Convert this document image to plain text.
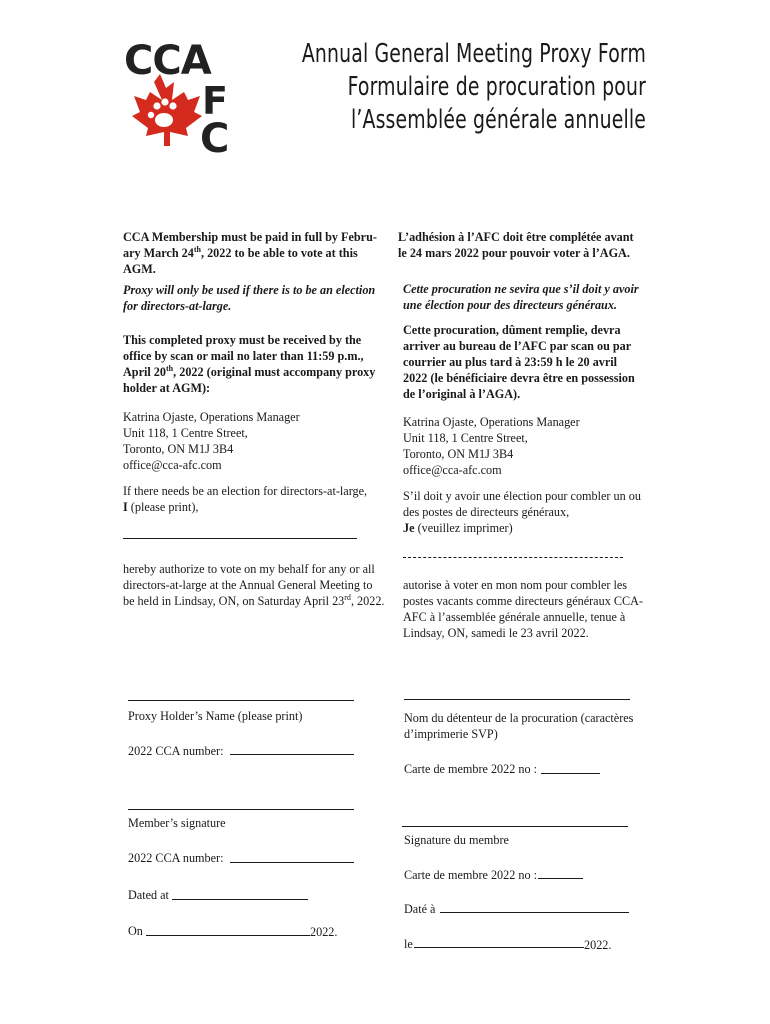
CCA
F
C
Annual General Meeting Proxy Form
Formulaire de procuration pour
l’Assemblée générale annuelle
CCA Membership must be paid in full by Febru-ary March 24th, 2022 to be able to vote at this AGM.
Proxy will only be used if there is to be an election for directors-at-large.
This completed proxy must be received by the office by scan or mail no later than 11:59 p.m., April 20th, 2022 (original must accompany proxy holder at AGM):
Katrina Ojaste, Operations Manager
Unit 118, 1 Centre Street,
Toronto, ON M1J 3B4
office@cca-afc.com
If there needs be an election for directors-at-large,
I (please print),
hereby authorize to vote on my behalf for any or all directors-at-large at the Annual General Meeting to be held in Lindsay, ON, on Saturday April 23rd, 2022.
Proxy Holder’s Name (please print)
2022 CCA number:
Member’s signature
2022 CCA number:
Dated at
On	2022.
L’adhésion à l’AFC doit être complétée avant le 24 mars 2022 pour pouvoir voter à l’AGA.
Cette procuration ne sevira que s’il doit y avoir une élection pour des directeurs généraux.
Cette procuration, dûment remplie, devra arriver au bureau de l’AFC par scan ou par courrier au plus tard à 23:59 h le 20 avril 2022 (le bénéficiaire devra être en possession de l’original à l’AGA).
Katrina Ojaste, Operations Manager
Unit 118, 1 Centre Street,
Toronto, ON M1J 3B4
office@cca-afc.com
S’il doit y avoir une élection pour combler un ou des postes de directeurs généraux,
Je (veuillez imprimer)
autorise à voter en mon nom pour combler les postes vacants comme directeurs généraux CCA-AFC à l’assemblée générale annuelle, tenue à Lindsay, ON, samedi le 23 avril 2022.
Nom du détenteur de la procuration (caractères d’imprimerie SVP)
Carte de membre 2022 no :
Signature du membre
Carte de membre 2022 no :
Daté à
le	2022.
